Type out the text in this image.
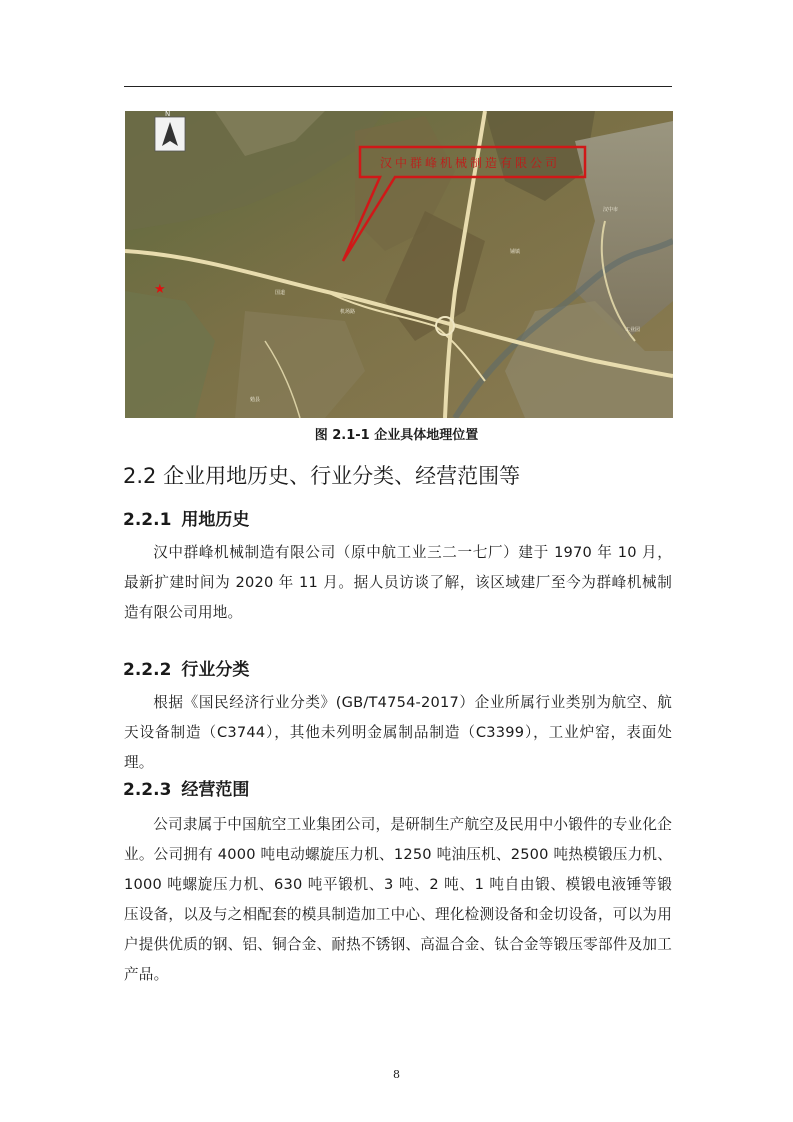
N
汉中群峰机械制造有限公司
★	国道
机场路
汉中市
铺镇
勉县
工业园
图 2.1-1 企业具体地理位置
2.2 企业用地历史、行业分类、经营范围等
2.2.1 用地历史

汉中群峰机械制造有限公司（原中航工业三二一七厂）建于 1970 年 10 月，最新扩建时间为 2020 年 11 月。据人员访谈了解，该区域建厂至今为群峰机械制造有限公司用地。

2.2.2 行业分类

根据《国民经济行业分类》(GB/T4754-2017）企业所属行业类别为航空、航天设备制造（C3744），其他未列明金属制品制造（C3399），工业炉窑，表面处理。

2.2.3 经营范围

公司隶属于中国航空工业集团公司，是研制生产航空及民用中小锻件的专业化企业。公司拥有 4000 吨电动螺旋压力机、1250 吨油压机、2500 吨热模锻压力机、1000 吨螺旋压力机、630 吨平锻机、3 吨、2 吨、1 吨自由锻、模锻电液锤等锻压设备，以及与之相配套的模具制造加工中心、理化检测设备和金切设备，可以为用户提供优质的钢、铝、铜合金、耐热不锈钢、高温合金、钛合金等锻压零部件及加工产品。

8
